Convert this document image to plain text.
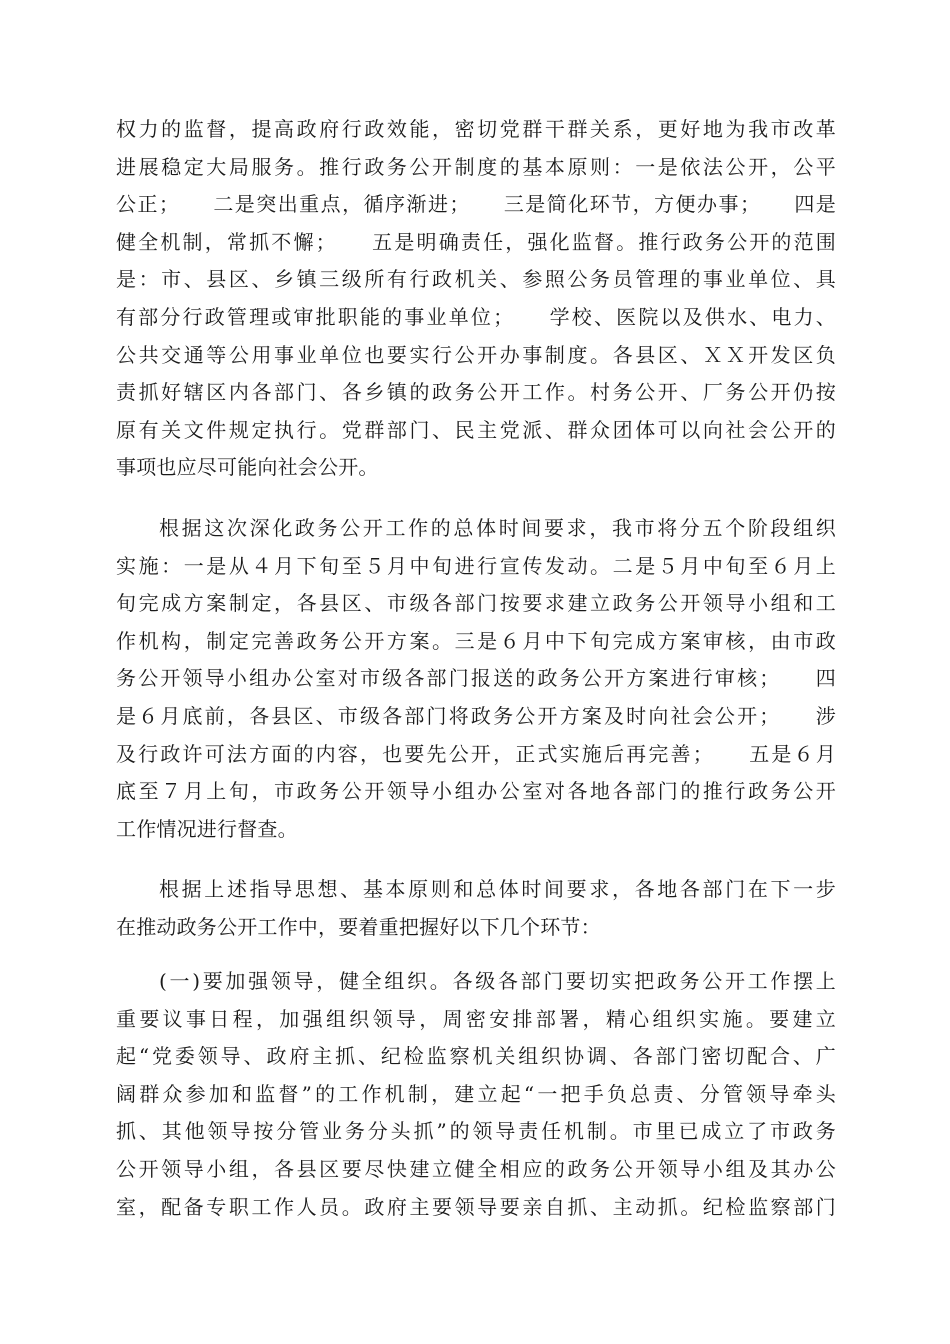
权力的监督，提高政府行政效能，密切党群干群关系，更好地为我市改革
进展稳定大局服务。推行政务公开制度的基本原则：一是依法公开，公平
公正；　　二是突出重点，循序渐进；　　三是简化环节，方便办事；　　四是
健全机制，常抓不懈；　　五是明确责任，强化监督。推行政务公开的范围
是：市、县区、乡镇三级所有行政机关、参照公务员管理的事业单位、具
有部分行政管理或审批职能的事业单位；　　学校、医院以及供水、电力、
公共交通等公用事业单位也要实行公开办事制度。各县区、ＸＸ开发区负
责抓好辖区内各部门、各乡镇的政务公开工作。村务公开、厂务公开仍按
原有关文件规定执行。党群部门、民主党派、群众团体可以向社会公开的
事项也应尽可能向社会公开。
根据这次深化政务公开工作的总体时间要求，我市将分五个阶段组织
实施：一是从４月下旬至５月中旬进行宣传发动。二是５月中旬至６月上
旬完成方案制定，各县区、市级各部门按要求建立政务公开领导小组和工
作机构，制定完善政务公开方案。三是６月中下旬完成方案审核，由市政
务公开领导小组办公室对市级各部门报送的政务公开方案进行审核；　　四
是６月底前，各县区、市级各部门将政务公开方案及时向社会公开；　　涉
及行政许可法方面的内容，也要先公开，正式实施后再完善；　　五是６月
底至７月上旬，市政务公开领导小组办公室对各地各部门的推行政务公开
工作情况进行督查。
根据上述指导思想、基本原则和总体时间要求，各地各部门在下一步
在推动政务公开工作中，要着重把握好以下几个环节：
(一)要加强领导，健全组织。各级各部门要切实把政务公开工作摆上
重要议事日程，加强组织领导，周密安排部署，精心组织实施。要建立
起“党委领导、政府主抓、纪检监察机关组织协调、各部门密切配合、广
阔群众参加和监督”的工作机制，建立起“一把手负总责、分管领导牵头
抓、其他领导按分管业务分头抓”的领导责任机制。市里已成立了市政务
公开领导小组，各县区要尽快建立健全相应的政务公开领导小组及其办公
室，配备专职工作人员。政府主要领导要亲自抓、主动抓。纪检监察部门
